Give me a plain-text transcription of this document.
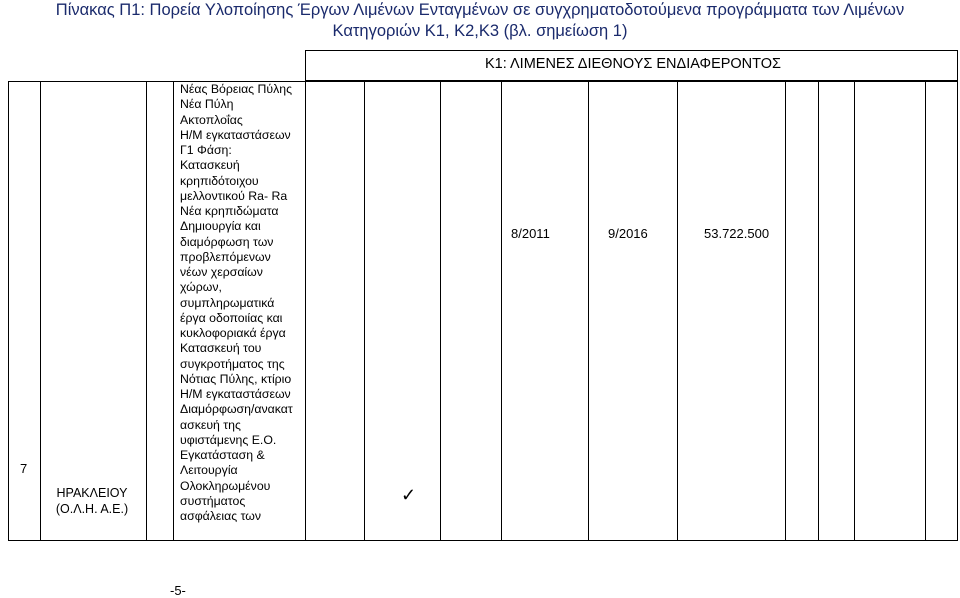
Πίνακας Π1: Πορεία Υλοποίησης Έργων Λιμένων Ενταγμένων σε συγχρηματοδοτούμενα προγράμματα των Λιμένων
Κατηγοριών Κ1, Κ2,Κ3 (βλ. σημείωση 1)
Κ1: ΛΙΜΕΝΕΣ ΔΙΕΘΝΟΥΣ ΕΝΔΙΑΦΕΡΟΝΤΟΣ
7
ΗΡΑΚΛΕΙΟΥ
(Ο.Λ.Η. Α.Ε.)
Νέας Βόρειας Πύλης
Νέα Πύλη
Ακτοπλοΐας
Η/Μ εγκαταστάσεων
Γ1 Φάση:
Κατασκευή
κρηπιδότοιχου
μελλοντικού Ra- Ra
Νέα κρηπιδώματα
Δημιουργία και
διαμόρφωση των
προβλεπόμενων
νέων χερσαίων
χώρων,
συμπληρωματικά
έργα οδοποιίας και
κυκλοφοριακά έργα
Κατασκευή του
συγκροτήματος της
Νότιας Πύλης, κτίριο
Η/Μ εγκαταστάσεων
Διαμόρφωση/ανακατ
ασκευή της
υφιστάμενης Ε.Ο.
Εγκατάσταση &
Λειτουργία
Ολοκληρωμένου
συστήματος
ασφάλειας των
✓
8/2011	9/2016	53.722.500
-5-
